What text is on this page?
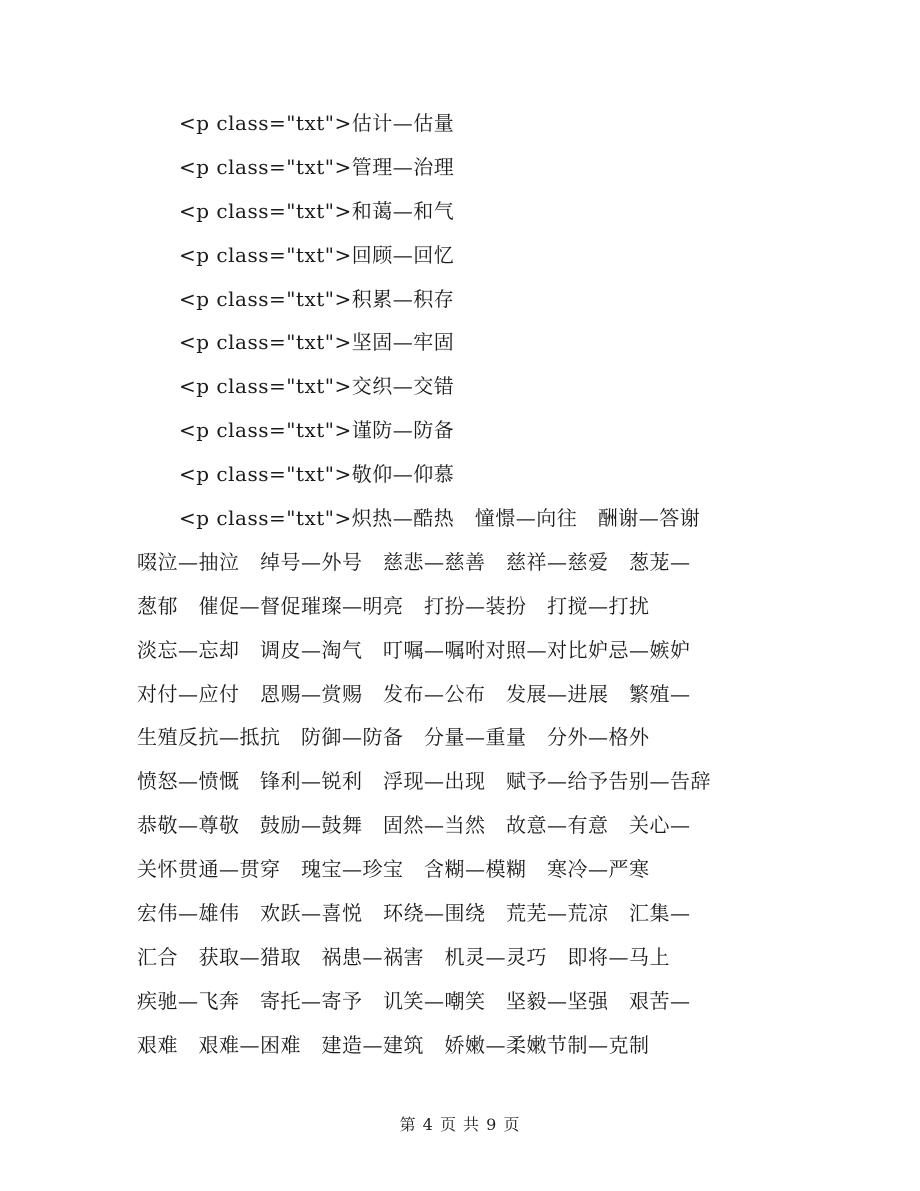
<p class="txt">估计—估量
<p class="txt">管理—治理
<p class="txt">和蔼—和气
<p class="txt">回顾—回忆
<p class="txt">积累—积存
<p class="txt">坚固—牢固
<p class="txt">交织—交错
<p class="txt">谨防—防备
<p class="txt">敬仰—仰慕
<p class="txt">炽热—酷热　憧憬—向往　酬谢—答谢
啜泣—抽泣　绰号—外号　慈悲—慈善　慈祥—慈爱　葱茏—
葱郁　催促—督促璀璨—明亮　打扮—装扮　打搅—打扰
淡忘—忘却　调皮—淘气　叮嘱—嘱咐对照—对比妒忌—嫉妒
对付—应付　恩赐—赏赐　发布—公布　发展—进展　繁殖—
生殖反抗—抵抗　防御—防备　分量—重量　分外—格外
愤怒—愤慨　锋利—锐利　浮现—出现　赋予—给予告别—告辞
恭敬—尊敬　鼓励—鼓舞　固然—当然　故意—有意　关心—
关怀贯通—贯穿　瑰宝—珍宝　含糊—模糊　寒冷—严寒
宏伟—雄伟　欢跃—喜悦　环绕—围绕　荒芜—荒凉　汇集—
汇合　获取—猎取　祸患—祸害　机灵—灵巧　即将—马上
疾驰—飞奔　寄托—寄予　讥笑—嘲笑　坚毅—坚强　艰苦—
艰难　艰难—困难　建造—建筑　娇嫩—柔嫩节制—克制
第 4 页 共 9 页
